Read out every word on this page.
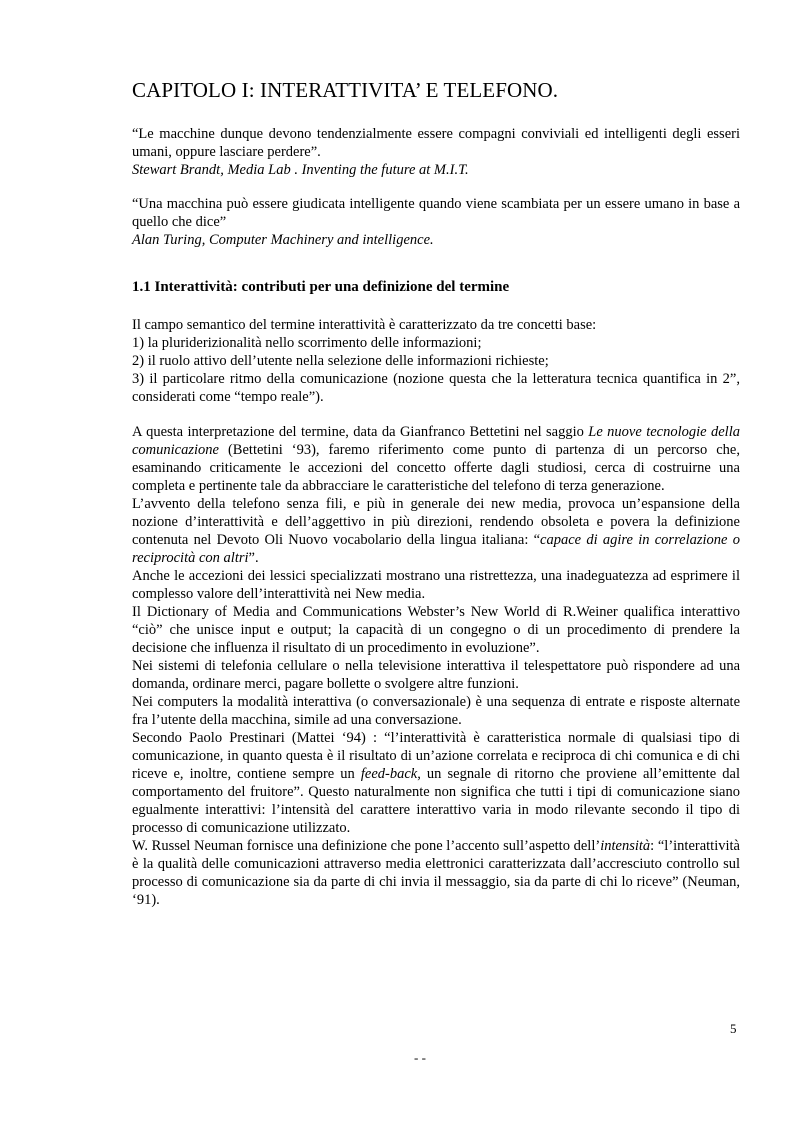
CAPITOLO I: INTERATTIVITA’ E TELEFONO.

“Le macchine dunque devono tendenzialmente essere compagni conviviali ed intelligenti degli esseri umani, oppure lasciare perdere”.

Stewart Brandt, Media Lab . Inventing the future at M.I.T.

“Una macchina può essere giudicata intelligente quando viene scambiata per un essere umano in base a quello che dice”

Alan Turing, Computer Machinery and intelligence.

1.1 Interattività: contributi per una definizione del termine

Il campo semantico del termine interattività è caratterizzato da tre concetti base:

1) la pluriderizionalità nello scorrimento delle informazioni;

2) il ruolo attivo dell’utente nella selezione delle informazioni richieste;

3) il particolare ritmo della comunicazione (nozione questa che la letteratura tecnica quantifica in 2”, considerati come “tempo reale”).

A questa interpretazione del termine, data da Gianfranco Bettetini nel saggio Le nuove tecnologie della comunicazione (Bettetini ‘93), faremo riferimento come punto di partenza di un percorso che, esaminando criticamente le accezioni del concetto offerte dagli studiosi, cerca di costruirne una completa e pertinente tale da abbracciare le caratteristiche del telefono di terza generazione.

L’avvento della telefono senza fili, e più in generale dei new media, provoca un’espansione della nozione d’interattività e dell’aggettivo in più direzioni, rendendo obsoleta e povera la definizione contenuta nel Devoto Oli Nuovo vocabolario della lingua italiana: “capace di agire in correlazione o reciprocità con altri”.

Anche le accezioni dei lessici specializzati mostrano una ristrettezza, una inadeguatezza ad esprimere il complesso valore dell’interattività nei New media.

Il Dictionary of Media and Communications Webster’s New World di R.Weiner qualifica interattivo “ciò” che unisce input e output; la capacità di un congegno o di un procedimento di prendere la decisione che influenza il risultato di un procedimento in evoluzione”.

Nei sistemi di telefonia cellulare o nella televisione interattiva il telespettatore può rispondere ad una domanda, ordinare merci, pagare bollette o svolgere altre funzioni.

Nei computers la modalità interattiva (o conversazionale) è una sequenza di entrate e risposte alternate fra l’utente della macchina, simile ad una conversazione.

Secondo Paolo Prestinari (Mattei ‘94) : “l’interattività è caratteristica normale di qualsiasi tipo di comunicazione, in quanto questa è il risultato di un’azione correlata e reciproca di chi comunica e di chi riceve e, inoltre, contiene sempre un feed-back, un segnale di ritorno che proviene all’emittente dal comportamento del fruitore”. Questo naturalmente non significa che tutti i tipi di comunicazione siano egualmente interattivi: l’intensità del carattere interattivo varia in modo rilevante secondo il tipo di processo di comunicazione utilizzato.

W. Russel Neuman fornisce una definizione che pone l’accento sull’aspetto dell’intensità: “l’interattività è la qualità delle comunicazioni attraverso media elettronici caratterizzata dall’accresciuto controllo sul processo di comunicazione sia da parte di chi invia il messaggio, sia da parte di chi lo riceve” (Neuman, ‘91).

5
- -
